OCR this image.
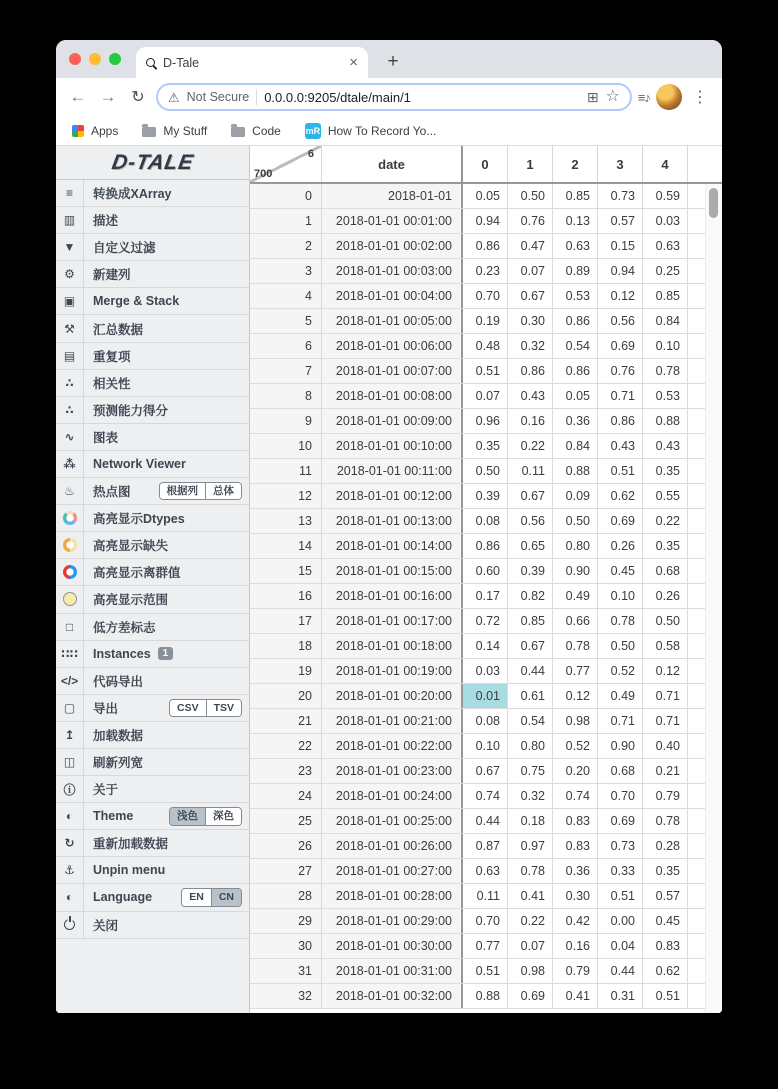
D-Tale	×	+
← → ↻	⚠ Not Secure 0.0.0.0:9205/dtale/main/1	⊞ ☆ ≡♪	⋮
Apps	My Stuff	Code	mR How To Record Yo...
D-TALE
≡	转换成XArray
▥	描述
▼	自定义过滤
⚙	新建列
▣	Merge & Stack
⚒	汇总数据
▤	重复项
∴	相关性
∴	预测能力得分
∿	图表
⁂	Network Viewer
♨	热点图	根据列	总体
高亮显示Dtypes
高亮显示缺失
高亮显示离群值
高亮显示范围
□	低方差标志
∷∷	Instances	1
</>	代码导出
▢	导出	CSV	TSV
↥	加载数据
◫	刷新列宽
ⓘ	关于
◐	Theme	浅色	深色
↻	重新加载数据
⚓	Unpin menu
◐	Language	EN	CN
关闭
6
700
date	0	1	2	3	4
0	2018-01-01	0.05	0.50	0.85	0.73	0.59
1	2018-01-01 00:01:00	0.94	0.76	0.13	0.57	0.03
2	2018-01-01 00:02:00	0.86	0.47	0.63	0.15	0.63
3	2018-01-01 00:03:00	0.23	0.07	0.89	0.94	0.25
4	2018-01-01 00:04:00	0.70	0.67	0.53	0.12	0.85
5	2018-01-01 00:05:00	0.19	0.30	0.86	0.56	0.84
6	2018-01-01 00:06:00	0.48	0.32	0.54	0.69	0.10
7	2018-01-01 00:07:00	0.51	0.86	0.86	0.76	0.78
8	2018-01-01 00:08:00	0.07	0.43	0.05	0.71	0.53
9	2018-01-01 00:09:00	0.96	0.16	0.36	0.86	0.88
10	2018-01-01 00:10:00	0.35	0.22	0.84	0.43	0.43
11	2018-01-01 00:11:00	0.50	0.11	0.88	0.51	0.35
12	2018-01-01 00:12:00	0.39	0.67	0.09	0.62	0.55
13	2018-01-01 00:13:00	0.08	0.56	0.50	0.69	0.22
14	2018-01-01 00:14:00	0.86	0.65	0.80	0.26	0.35
15	2018-01-01 00:15:00	0.60	0.39	0.90	0.45	0.68
16	2018-01-01 00:16:00	0.17	0.82	0.49	0.10	0.26
17	2018-01-01 00:17:00	0.72	0.85	0.66	0.78	0.50
18	2018-01-01 00:18:00	0.14	0.67	0.78	0.50	0.58
19	2018-01-01 00:19:00	0.03	0.44	0.77	0.52	0.12
20	2018-01-01 00:20:00	0.01	0.61	0.12	0.49	0.71
21	2018-01-01 00:21:00	0.08	0.54	0.98	0.71	0.71
22	2018-01-01 00:22:00	0.10	0.80	0.52	0.90	0.40
23	2018-01-01 00:23:00	0.67	0.75	0.20	0.68	0.21
24	2018-01-01 00:24:00	0.74	0.32	0.74	0.70	0.79
25	2018-01-01 00:25:00	0.44	0.18	0.83	0.69	0.78
26	2018-01-01 00:26:00	0.87	0.97	0.83	0.73	0.28
27	2018-01-01 00:27:00	0.63	0.78	0.36	0.33	0.35
28	2018-01-01 00:28:00	0.11	0.41	0.30	0.51	0.57
29	2018-01-01 00:29:00	0.70	0.22	0.42	0.00	0.45
30	2018-01-01 00:30:00	0.77	0.07	0.16	0.04	0.83
31	2018-01-01 00:31:00	0.51	0.98	0.79	0.44	0.62
32	2018-01-01 00:32:00	0.88	0.69	0.41	0.31	0.51
